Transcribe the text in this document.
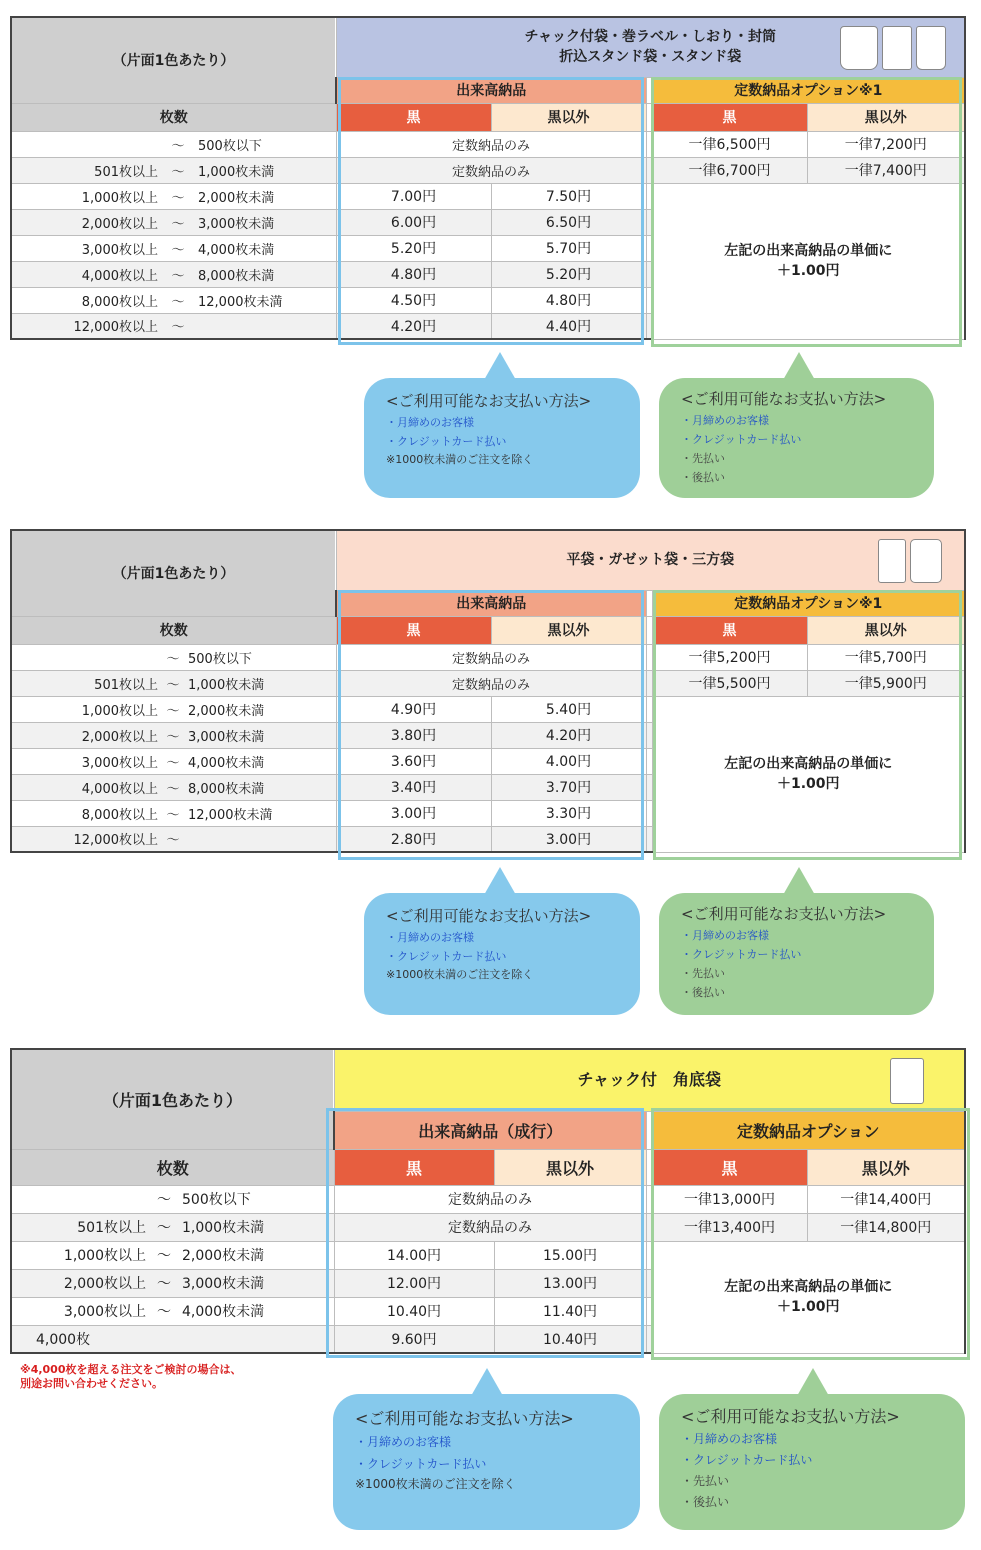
（片面1色あたり）	チャック付袋・巻ラベル・しおり・封筒
折込スタンド袋・スタンド袋				

	出来高納品			定数納品オプション※1	
枚数	黒	黒以外		黒	黒以外
～ 500枚以下	定数納品のみ			一律6,500円	一律7,200円
501枚以上 ～ 1,000枚未満	定数納品のみ			一律6,700円	一律7,400円
1,000枚以上 ～ 2,000枚未満	7.00円	7.50円		左記の出来高納品の単価に
＋1.00円	

2,000枚以上 ～ 3,000枚未満	6.00円	6.50円			
3,000枚以上 ～ 4,000枚未満	5.20円	5.70円			
4,000枚以上 ～ 8,000枚未満	4.80円	5.20円			
8,000枚以上 ～ 12,000枚未満	4.50円	4.80円			
12,000枚以上 ～	4.20円	4.40円			
<ご利用可能なお支払い方法>
・月締めのお客様
・クレジットカード払い
※1000枚未満のご注文を除く
<ご利用可能なお支払い方法>
・月締めのお客様
・クレジットカード払い
・先払い
・後払い
（片面1色あたり）	平袋・ガゼット袋・三方袋				

	出来高納品			定数納品オプション※1	
枚数	黒	黒以外		黒	黒以外
～ 500枚以下	定数納品のみ			一律5,200円	一律5,700円
501枚以上 ～ 1,000枚未満	定数納品のみ			一律5,500円	一律5,900円
1,000枚以上 ～ 2,000枚未満	4.90円	5.40円		左記の出来高納品の単価に
＋1.00円	

2,000枚以上 ～ 3,000枚未満	3.80円	4.20円			
3,000枚以上 ～ 4,000枚未満	3.60円	4.00円			
4,000枚以上 ～ 8,000枚未満	3.40円	3.70円			
8,000枚以上 ～ 12,000枚未満	3.00円	3.30円			
12,000枚以上 ～	2.80円	3.00円			
<ご利用可能なお支払い方法>
・月締めのお客様
・クレジットカード払い
※1000枚未満のご注文を除く
<ご利用可能なお支払い方法>
・月締めのお客様
・クレジットカード払い
・先払い
・後払い
（片面1色あたり）	チャック付　角底袋				

	出来高納品（成行）			定数納品オプション	
枚数	黒	黒以外		黒	黒以外
～ 500枚以下	定数納品のみ			一律13,000円	一律14,400円
501枚以上 ～ 1,000枚未満	定数納品のみ			一律13,400円	一律14,800円
1,000枚以上 ～ 2,000枚未満	14.00円	15.00円		左記の出来高納品の単価に
＋1.00円	

2,000枚以上 ～ 3,000枚未満	12.00円	13.00円			
3,000枚以上 ～ 4,000枚未満	10.40円	11.40円			
4,000枚	9.60円	10.40円			
※4,000枚を超える注文をご検討の場合は、
別途お問い合わせください。
<ご利用可能なお支払い方法>
・月締めのお客様
・クレジットカード払い
※1000枚未満のご注文を除く
<ご利用可能なお支払い方法>
・月締めのお客様
・クレジットカード払い
・先払い
・後払い
